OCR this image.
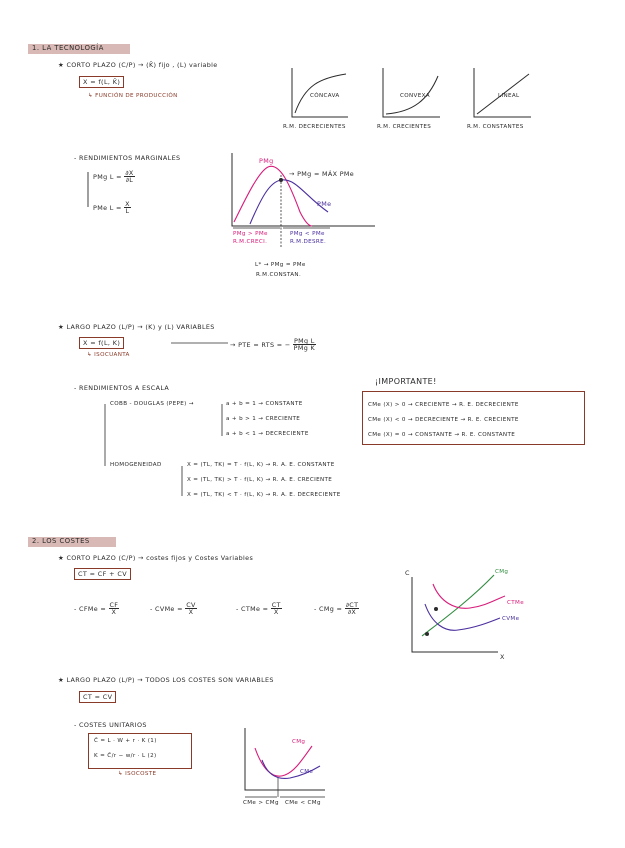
1. LA TECNOLOGÍA
★ CORTO PLAZO (C/P) → (K̄) fijo , (L) variable
X = f(L, K̄)
↳ FUNCIÓN DE PRODUCCIÓN	CÓNCAVA	CONVEXA	LINEAL
R.M. DECRECIENTES	R.M. CRECIENTES	R.M. CONSTANTES
- RENDIMIENTOS MARGINALES
PMg $L = \frac{\partial X}{\partial L}$
PMe $L = \frac{X}{L}$
PMg
→ PMg = MÁX PMe
PMe
PMg > PMe
R.M.CRECI.
PMg < PMe
R.M.DESRE.
L* → PMg = PMe
R.M.CONSTAN.
★ LARGO PLAZO (L/P) → (K) y (L) VARIABLES
X = f(L, K)
↳ ISOCUANTA
→ PTE = RTS = − $\frac{\text{PMg L}}{\text{PMg K}}$
- RENDIMIENTOS A ESCALA
COBB - DOUGLAS (PEPE) →	a + b = 1 → CONSTANTE
a + b > 1 → CRECIENTE
a + b < 1 → DECRECIENTE
HOMOGENEIDAD	X = (TL, TK) = T · f(L, K) → R. A. E. CONSTANTE
X = (TL, TK) > T · f(L, K) → R. A. E. CRECIENTE
X = (TL, TK) < T · f(L, K) → R. A. E. DECRECIENTE
¡IMPORTANTE!
CMe (X) > 0 → CRECIENTE → R. E. DECRECIENTE
CMe (X) < 0 → DECRECIENTE → R. E. CRECIENTE
CMe (X) = 0 → CONSTANTE → R. E. CONSTANTE
2. LOS COSTES
★ CORTO PLAZO (C/P) → costes fijos y Costes Variables
CT = CF + CV
- CFMe = $\frac{CF}{X}$	- CVMe = $\frac{CV}{X}$	- CTMe = $\frac{CT}{X}$	- CMg = $\frac{\partial CT}{\partial X}$
C
X
CMg
CTMe
CVMe
★ LARGO PLAZO (L/P) → TODOS LOS COSTES SON VARIABLES
CT = CV
- COSTES UNITARIOS
C̄ = L · W + r · K (1)
K = C̄/r − w/r · L (2)
↳ ISOCOSTE
CMg
CMe
CMe > CMg CMe < CMg
